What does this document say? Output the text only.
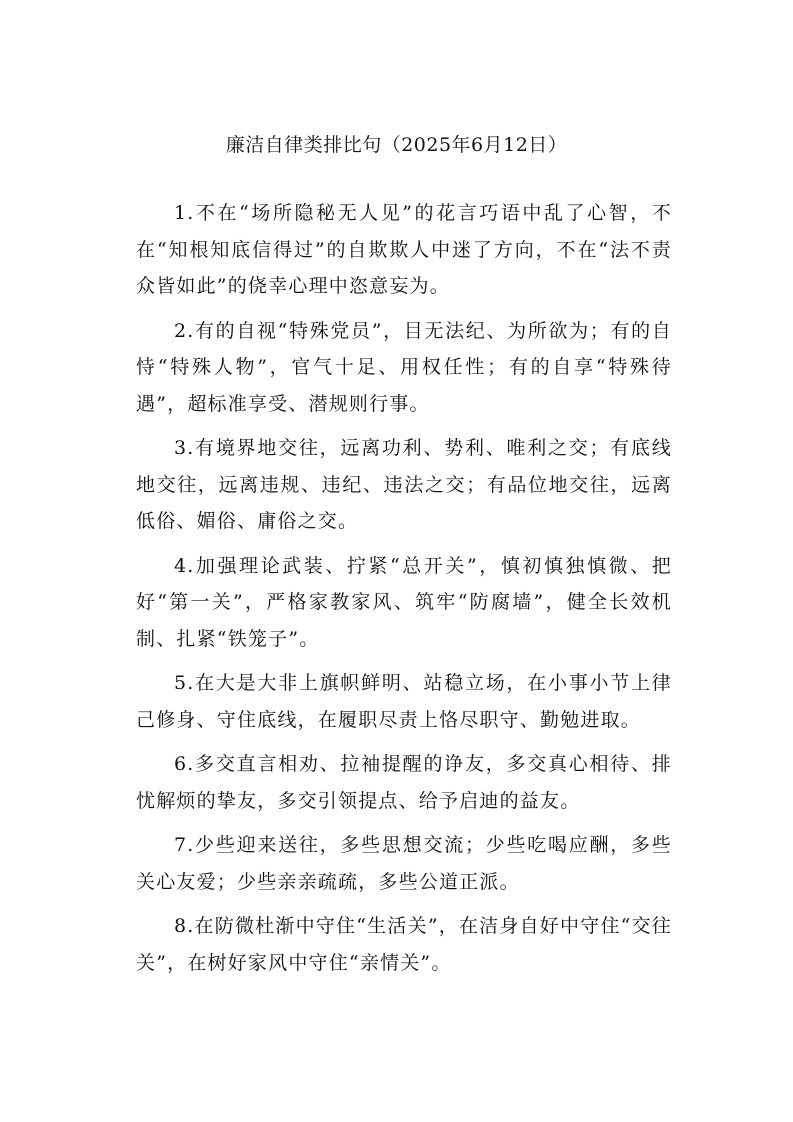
廉洁自律类排比句（2025年6月12日）

1.不在“场所隐秘无人见”的花言巧语中乱了心智，不在“知根知底信得过”的自欺欺人中迷了方向，不在“法不责众皆如此”的侥幸心理中恣意妄为。

2.有的自视“特殊党员”，目无法纪、为所欲为；有的自恃“特殊人物”，官气十足、用权任性；有的自享“特殊待遇”，超标准享受、潜规则行事。

3.有境界地交往，远离功利、势利、唯利之交；有底线地交往，远离违规、违纪、违法之交；有品位地交往，远离低俗、媚俗、庸俗之交。

4.加强理论武装、拧紧“总开关”，慎初慎独慎微、把好“第一关”，严格家教家风、筑牢“防腐墙”，健全长效机制、扎紧“铁笼子”。

5.在大是大非上旗帜鲜明、站稳立场，在小事小节上律己修身、守住底线，在履职尽责上恪尽职守、勤勉进取。

6.多交直言相劝、拉袖提醒的诤友，多交真心相待、排忧解烦的挚友，多交引领提点、给予启迪的益友。

7.少些迎来送往，多些思想交流；少些吃喝应酬，多些关心友爱；少些亲亲疏疏，多些公道正派。

8.在防微杜渐中守住“生活关”，在洁身自好中守住“交往关”，在树好家风中守住“亲情关”。
